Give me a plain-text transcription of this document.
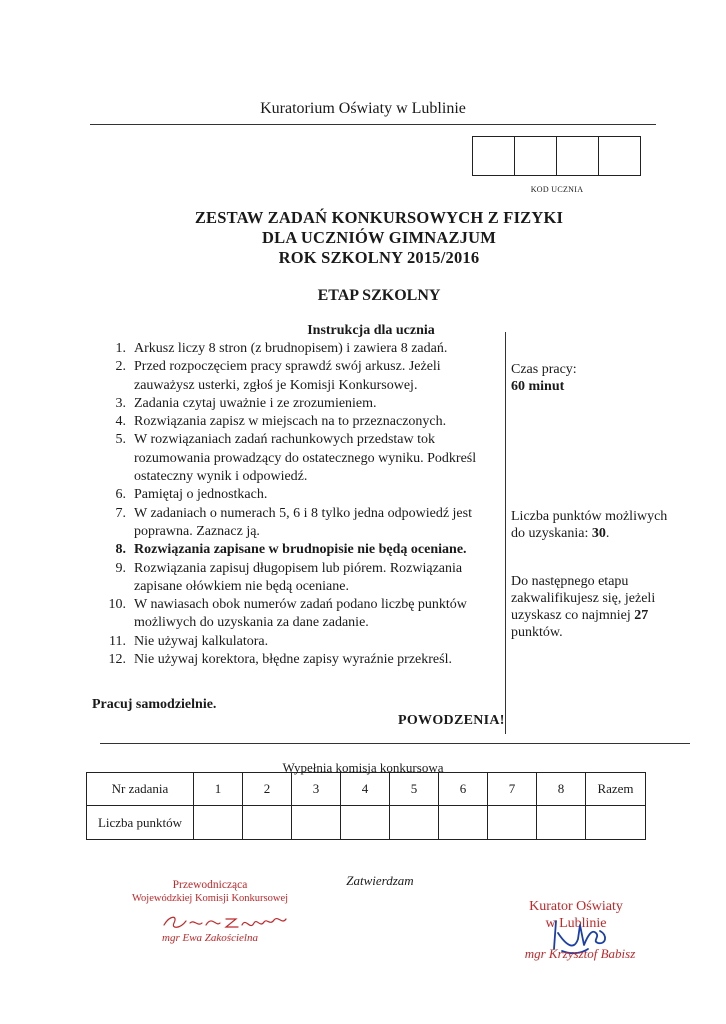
Kuratorium Oświaty w Lublinie
KOD UCZNIA
ZESTAW ZADAŃ KONKURSOWYCH Z FIZYKI
DLA UCZNIÓW GIMNAZJUM
ROK SZKOLNY 2015/2016
ETAP SZKOLNY
Instrukcja dla ucznia
1. Arkusz liczy 8 stron (z brudnopisem) i zawiera 8 zadań.
2. Przed rozpoczęciem pracy sprawdź swój arkusz. Jeżeli zauważysz usterki, zgłoś je Komisji Konkursowej.
3. Zadania czytaj uważnie i ze zrozumieniem.
4. Rozwiązania zapisz w miejscach na to przeznaczonych.
5. W rozwiązaniach zadań rachunkowych przedstaw tok rozumowania prowadzący do ostatecznego wyniku. Podkreśl ostateczny wynik i odpowiedź.
6. Pamiętaj o jednostkach.
7. W zadaniach o numerach 5, 6 i 8 tylko jedna odpowiedź jest poprawna. Zaznacz ją.
8. Rozwiązania zapisane w brudnopisie nie będą oceniane.
9. Rozwiązania zapisuj długopisem lub piórem. Rozwiązania zapisane ołówkiem nie będą oceniane.
10. W nawiasach obok numerów zadań podano liczbę punktów możliwych do uzyskania za dane zadanie.
11. Nie używaj kalkulatora.
12. Nie używaj korektora, błędne zapisy wyraźnie przekreśl.
Czas pracy:
60 minut
Liczba punktów możliwych do uzyskania: 30.
Do następnego etapu zakwalifikujesz się, jeżeli uzyskasz co najmniej 27 punktów.
Pracuj samodzielnie.
POWODZENIA!
Wypełnia komisja konkursowa
Nr zadania	1	2	3	4	5	6	7	8	Razem
Liczba punktów									
Zatwierdzam
Przewodnicząca
Wojewódzkiej Komisji Konkursowej
mgr Ewa Zakościelna
Kurator Oświaty
w Lublinie
mgr Krzysztof Babisz
